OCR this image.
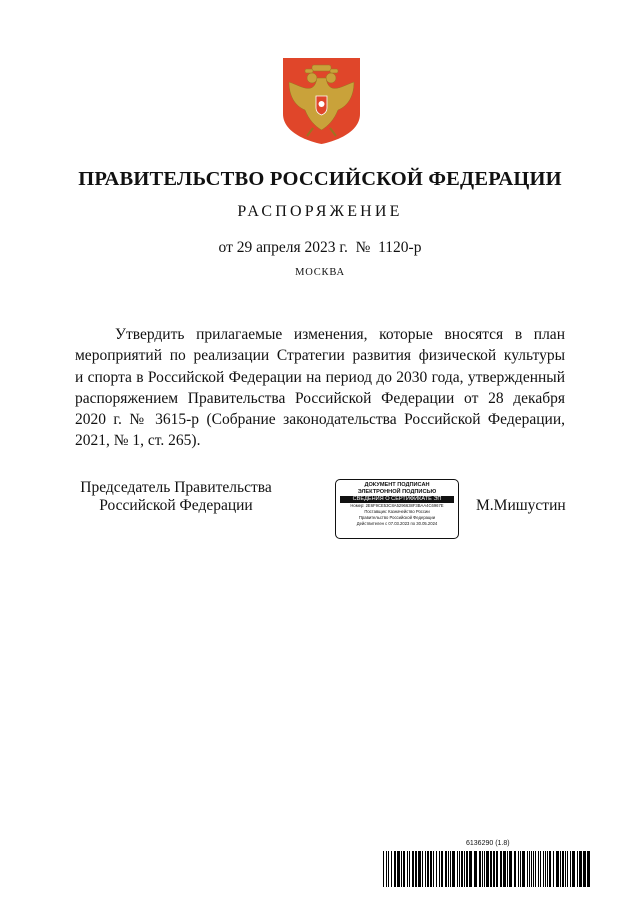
ПРАВИТЕЛЬСТВО РОССИЙСКОЙ ФЕДЕРАЦИИ
РАСПОРЯЖЕНИЕ
от 29 апреля 2023 г.  №  1120-р
МОСКВА
Утвердить прилагаемые изменения, которые вносятся в план
мероприятий по реализации Стратегии развития физической культуры
и спорта в Российской Федерации на период до 2030 года, утвержденный
распоряжением Правительства Российской Федерации от 28 декабря
2020 г. № 3615-р (Собрание законодательства Российской Федерации,
2021, № 1, ст. 265).
Председатель Правительства
Российской Федерации
ДОКУМЕНТ ПОДПИСАН
ЭЛЕКТРОННОЙ ПОДПИСЬЮ
СВЕДЕНИЯ О СЕРТИФИКАТЕ ЭП
Номер: 2E6F9CE53C8A5296638F3BAA4C6967E
Поставщик: Казначейство России
Правительство Российской Федерации
Действителен с 07.03.2023 по 30.05.2024
М.Мишустин
6136290 (1.8)
